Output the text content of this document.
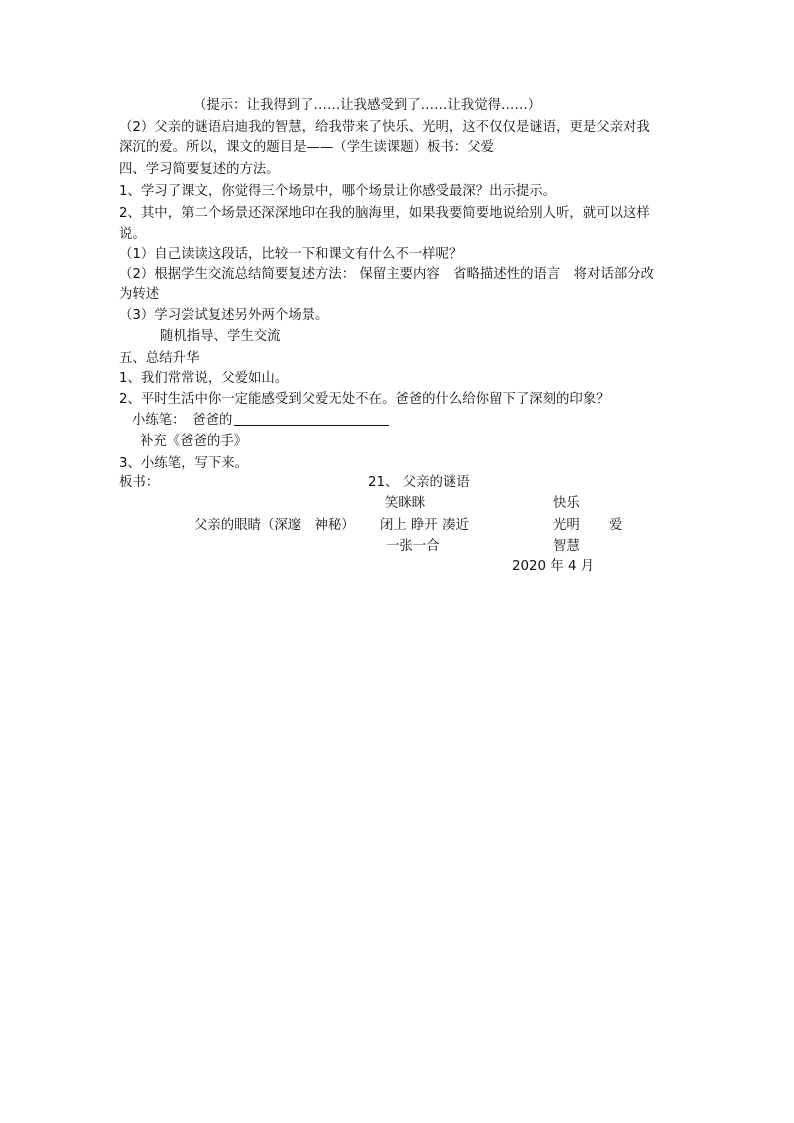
（提示：让我得到了……让我感受到了……让我觉得……）
（2）父亲的谜语启迪我的智慧，给我带来了快乐、光明，这不仅仅是谜语，更是父亲对我
深沉的爱。所以，课文的题目是——（学生读课题）板书：父爱
四、学习简要复述的方法。
1、学习了课文，你觉得三个场景中，哪个场景让你感受最深？出示提示。
2、其中，第二个场景还深深地印在我的脑海里，如果我要简要地说给别人听，就可以这样
说。
（1）自己读读这段话，比较一下和课文有什么不一样呢？
（2）根据学生交流总结简要复述方法： 保留主要内容　省略描述性的语言　将对话部分改
为转述
（3）学习尝试复述另外两个场景。
随机指导、学生交流
五、总结升华
1、我们常常说，父爱如山。
2、平时生活中你一定能感受到父爱无处不在。爸爸的什么给你留下了深刻的印象？
小练笔：　爸爸的
补充《爸爸的手》
3、小练笔，写下来。
板书：	21、 父亲的谜语
笑眯眯	快乐
父亲的眼睛（深邃　神秘） 闭上 睁开 凑近	光明 爱
一张一合	智慧
2020 年 4 月
